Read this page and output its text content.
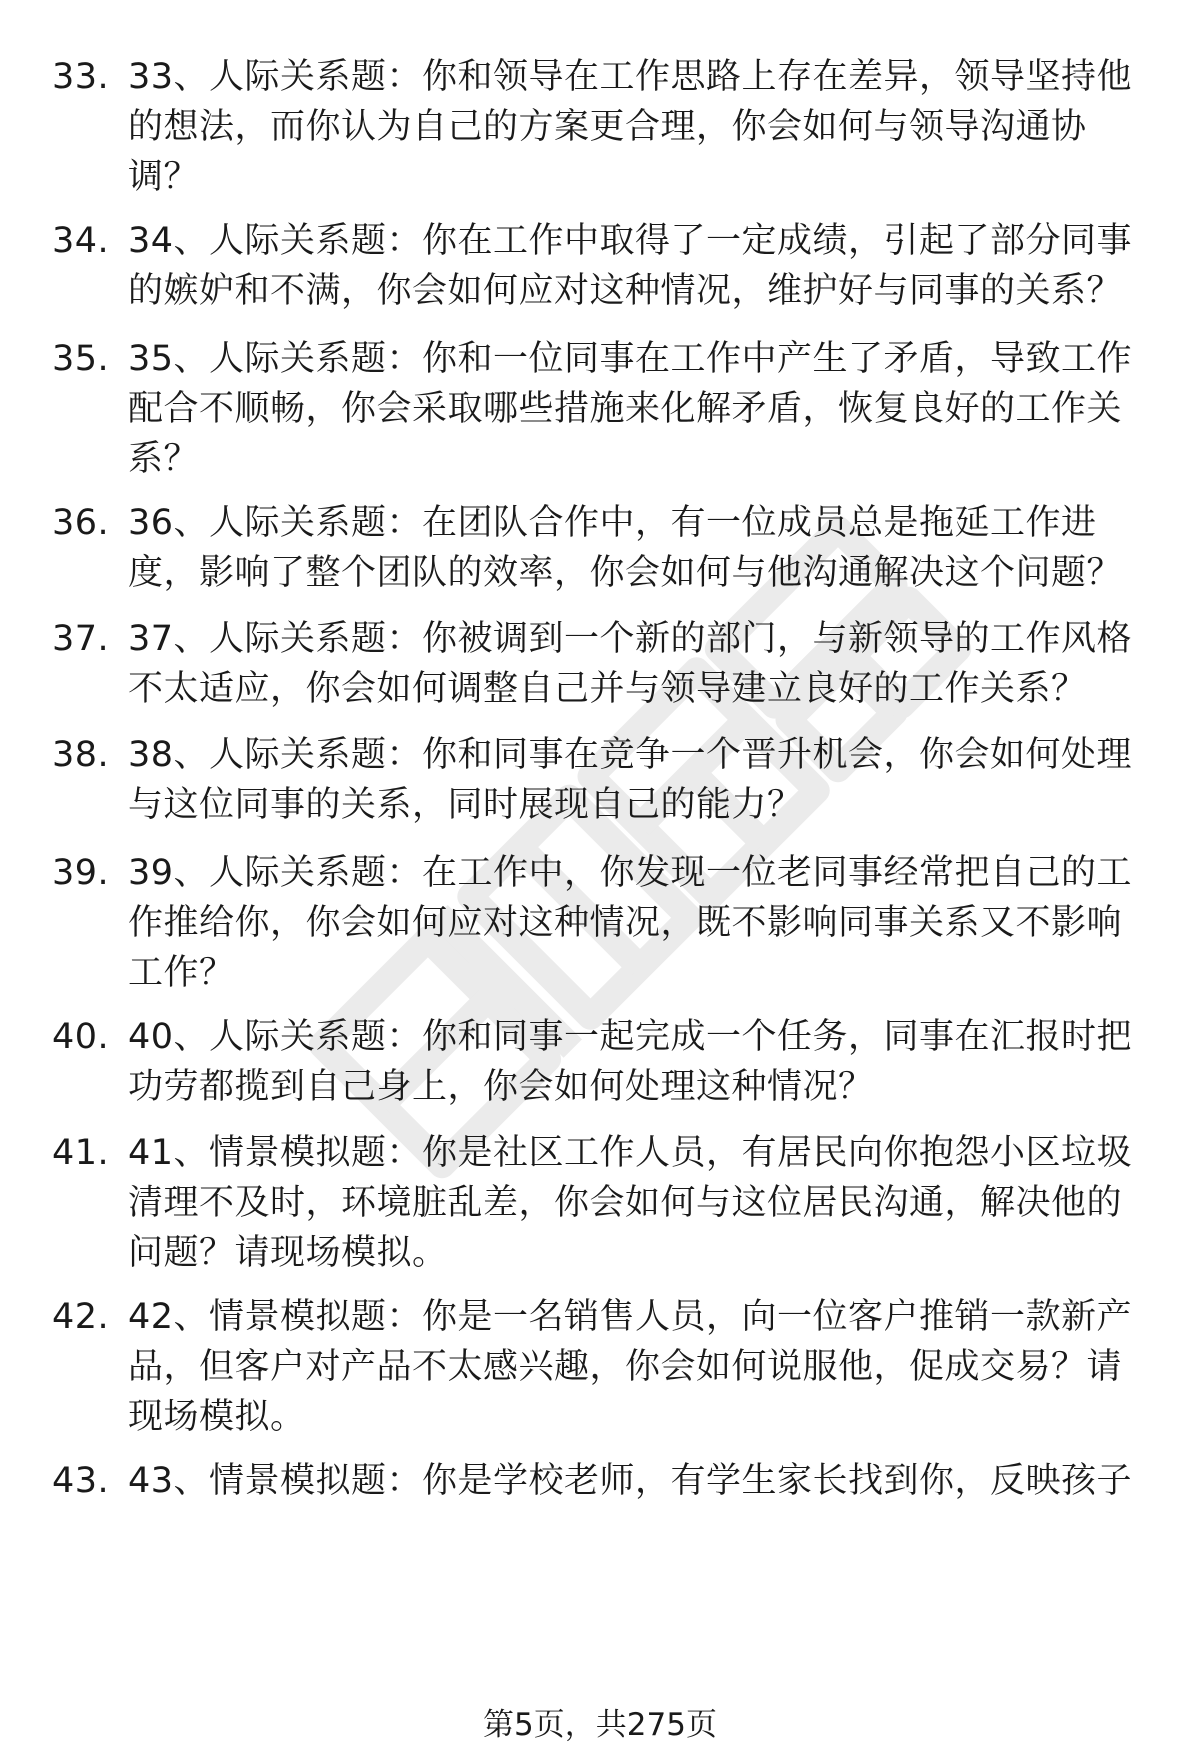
33. 33、人际关系题：你和领导在工作思路上存在差异，领导坚持他的想法，而你认为自己的方案更合理，你会如何与领导沟通协调？
34. 34、人际关系题：你在工作中取得了一定成绩，引起了部分同事的嫉妒和不满，你会如何应对这种情况，维护好与同事的关系？
35. 35、人际关系题：你和一位同事在工作中产生了矛盾，导致工作配合不顺畅，你会采取哪些措施来化解矛盾，恢复良好的工作关系？
36. 36、人际关系题：在团队合作中，有一位成员总是拖延工作进度，影响了整个团队的效率，你会如何与他沟通解决这个问题？
37. 37、人际关系题：你被调到一个新的部门，与新领导的工作风格不太适应，你会如何调整自己并与领导建立良好的工作关系？
38. 38、人际关系题：你和同事在竞争一个晋升机会，你会如何处理与这位同事的关系，同时展现自己的能力？
39. 39、人际关系题：在工作中，你发现一位老同事经常把自己的工作推给你，你会如何应对这种情况，既不影响同事关系又不影响工作？
40. 40、人际关系题：你和同事一起完成一个任务，同事在汇报时把功劳都揽到自己身上，你会如何处理这种情况？
41. 41、情景模拟题：你是社区工作人员，有居民向你抱怨小区垃圾清理不及时，环境脏乱差，你会如何与这位居民沟通，解决他的问题？请现场模拟。
42. 42、情景模拟题：你是一名销售人员，向一位客户推销一款新产品，但客户对产品不太感兴趣，你会如何说服他，促成交易？请现场模拟。
43. 43、情景模拟题：你是学校老师，有学生家长找到你，反映孩子
第5页，共275页
